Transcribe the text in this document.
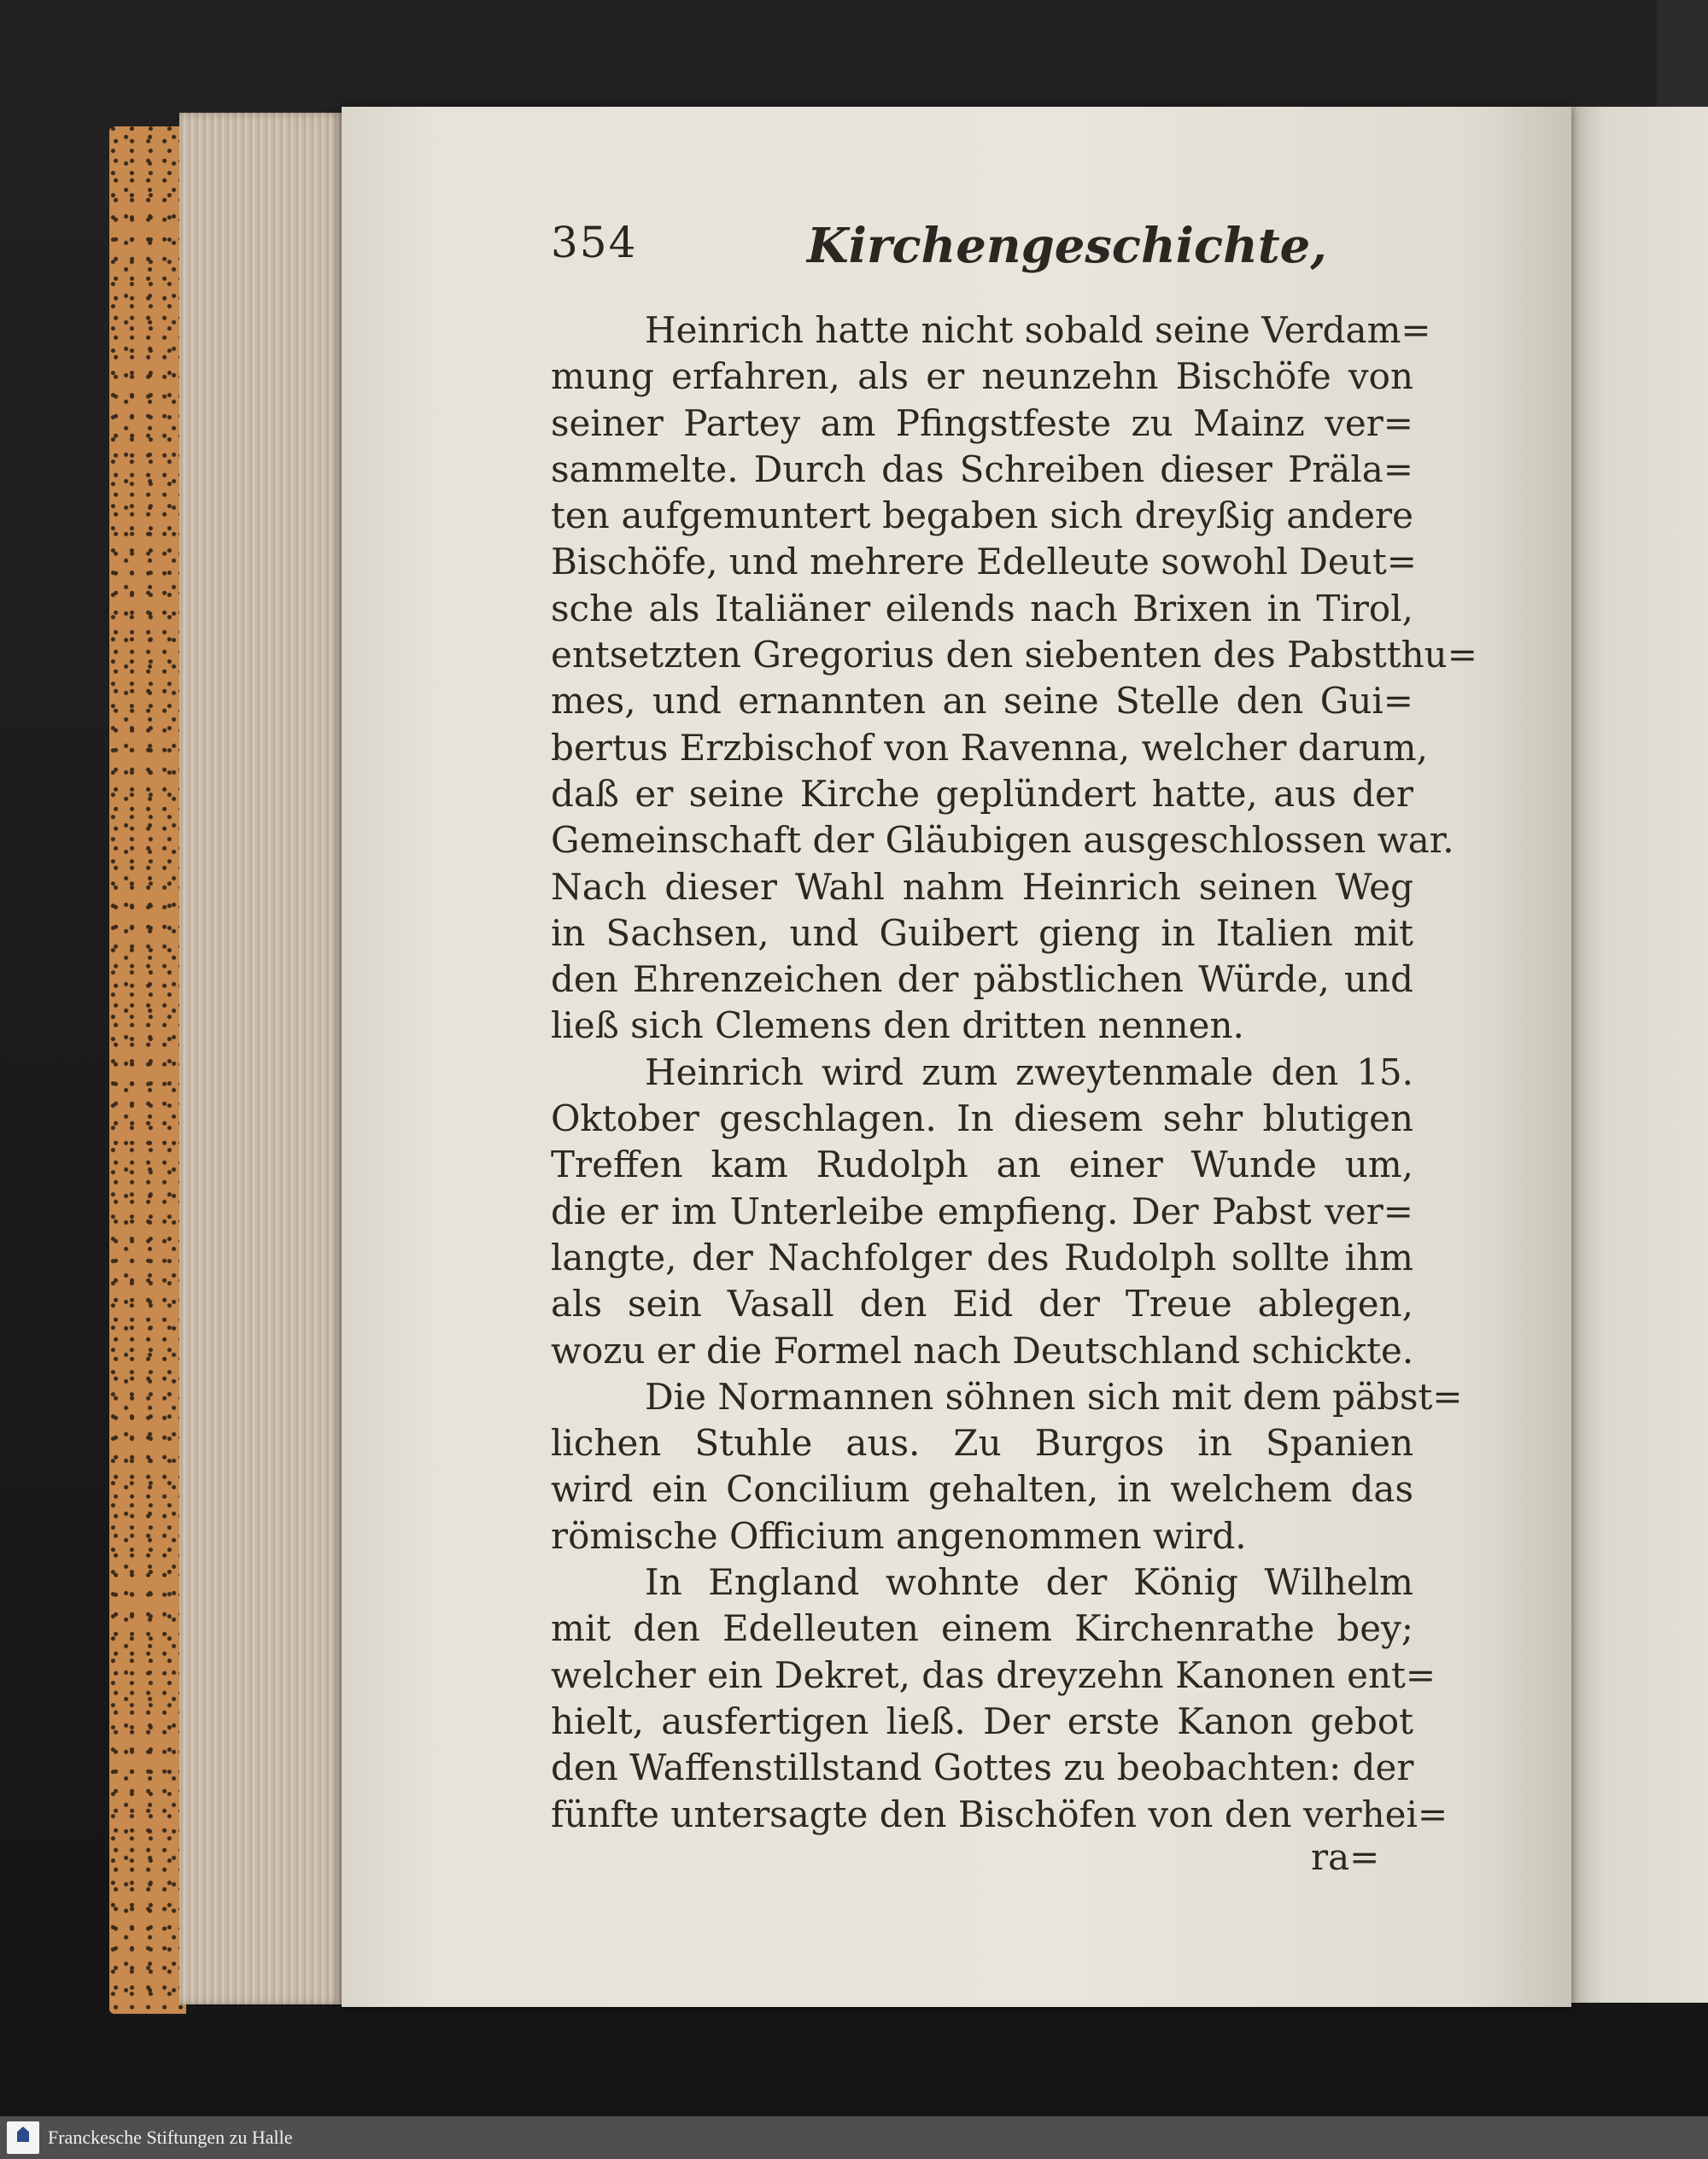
354	Kirchengeschichte,
Heinrich hatte nicht sobald seine Verdam=
mung erfahren, als er neunzehn Bischöfe von
seiner Partey am Pfingstfeste zu Mainz ver=
sammelte. Durch das Schreiben dieser Präla=
ten aufgemuntert begaben sich dreyßig andere
Bischöfe, und mehrere Edelleute sowohl Deut=
sche als Italiäner eilends nach Brixen in Tirol,
entsetzten Gregorius den siebenten des Pabstthu=
mes, und ernannten an seine Stelle den Gui=
bertus Erzbischof von Ravenna, welcher darum,
daß er seine Kirche geplündert hatte, aus der
Gemeinschaft der Gläubigen ausgeschlossen war.
Nach dieser Wahl nahm Heinrich seinen Weg
in Sachsen, und Guibert gieng in Italien mit
den Ehrenzeichen der päbstlichen Würde, und
ließ sich Clemens den dritten nennen.
Heinrich wird zum zweytenmale den 15.
Oktober geschlagen. In diesem sehr blutigen
Treffen kam Rudolph an einer Wunde um,
die er im Unterleibe empfieng. Der Pabst ver=
langte, der Nachfolger des Rudolph sollte ihm
als sein Vasall den Eid der Treue ablegen,
wozu er die Formel nach Deutschland schickte.
Die Normannen söhnen sich mit dem päbst=
lichen Stuhle aus. Zu Burgos in Spanien
wird ein Concilium gehalten, in welchem das
römische Officium angenommen wird.
In England wohnte der König Wilhelm
mit den Edelleuten einem Kirchenrathe bey;
welcher ein Dekret, das dreyzehn Kanonen ent=
hielt, ausfertigen ließ. Der erste Kanon gebot
den Waffenstillstand Gottes zu beobachten: der
fünfte untersagte den Bischöfen von den verhei=
ra=
Franckesche Stiftungen zu Halle
